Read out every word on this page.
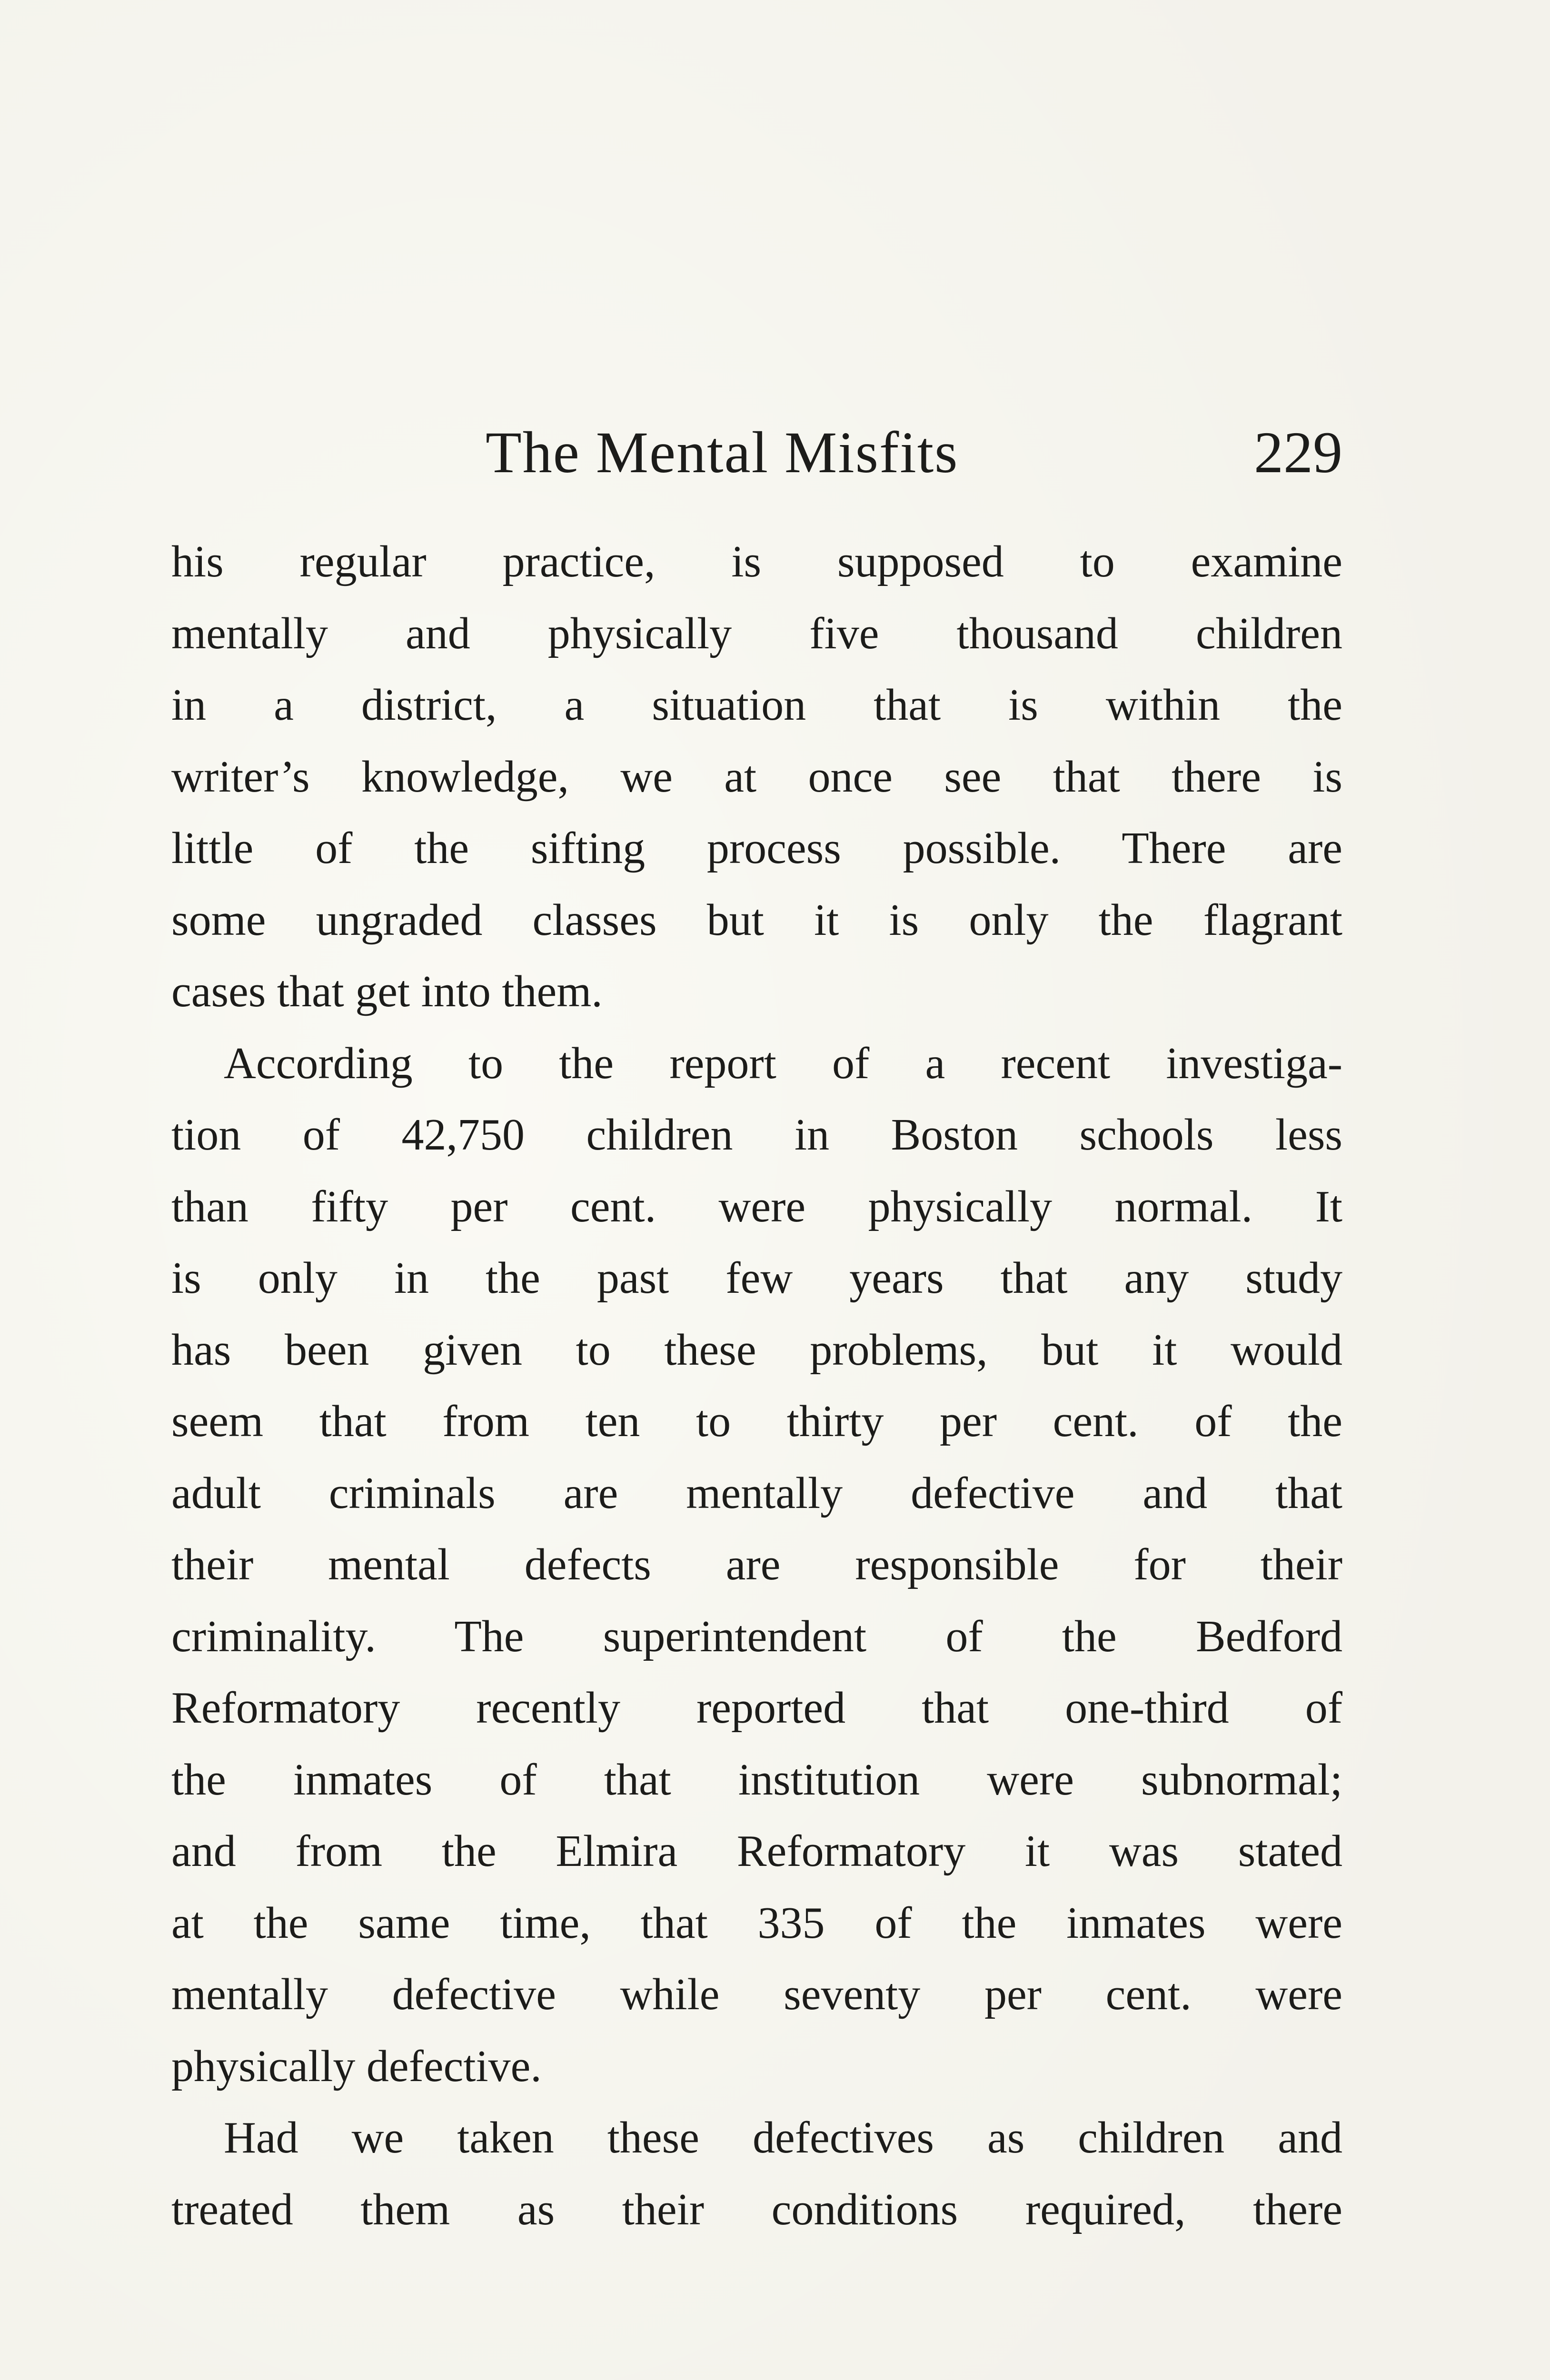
The Mental Misfits	229
his regular practice, is supposed to examine
mentally and physically five thousand children
in a district, a situation that is within the
writer’s knowledge, we at once see that there is
little of the sifting process possible. There are
some ungraded classes but it is only the flagrant
cases that get into them.
According to the report of a recent investiga-
tion of 42,750 children in Boston schools less
than fifty per cent. were physically normal. It
is only in the past few years that any study
has been given to these problems, but it would
seem that from ten to thirty per cent. of the
adult criminals are mentally defective and that
their mental defects are responsible for their
criminality. The superintendent of the Bedford
Reformatory recently reported that one-third of
the inmates of that institution were subnormal;
and from the Elmira Reformatory it was stated
at the same time, that 335 of the inmates were
mentally defective while seventy per cent. were
physically defective.
Had we taken these defectives as children and
treated them as their conditions required, there
